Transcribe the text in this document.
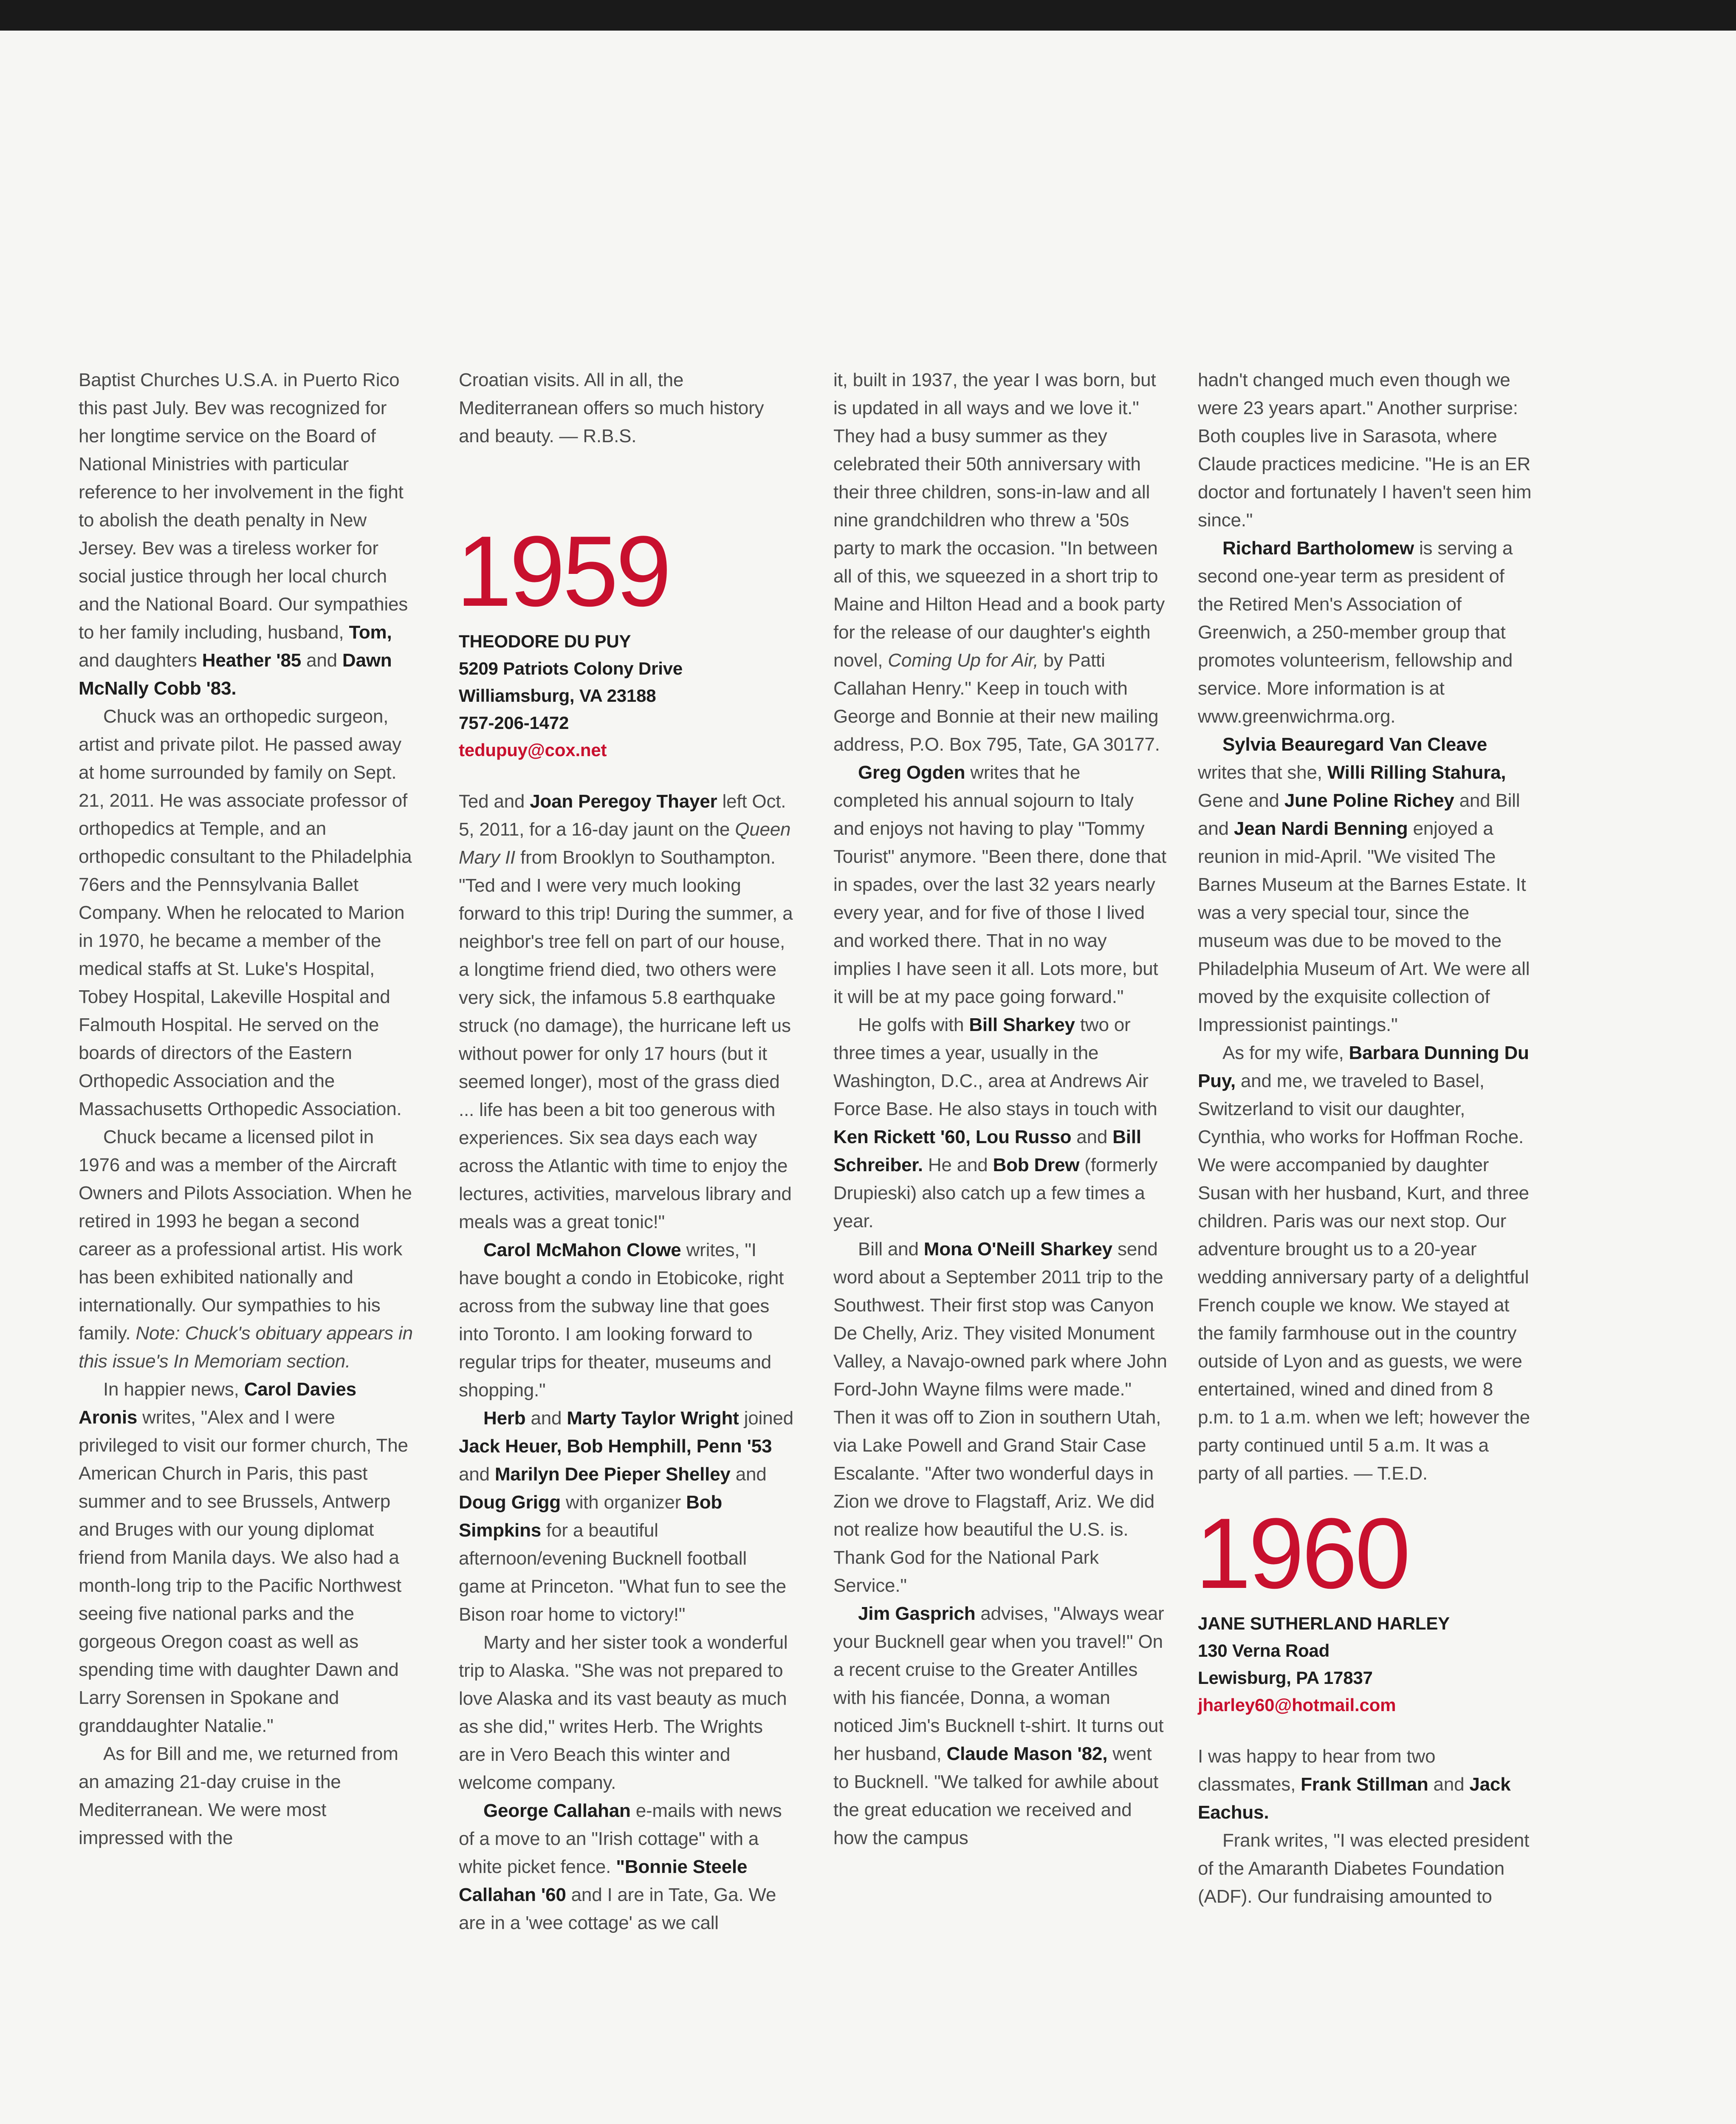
Baptist Churches U.S.A. in Puerto Rico this past July. Bev was recognized for her longtime service on the Board of National Ministries with particular reference to her involvement in the fight to abolish the death penalty in New Jersey. Bev was a tireless worker for social justice through her local church and the National Board. Our sympathies to her family including, husband, Tom, and daughters Heather '85 and Dawn McNally Cobb '83.

Chuck was an orthopedic surgeon, artist and private pilot. He passed away at home surrounded by family on Sept. 21, 2011. He was associate professor of orthopedics at Temple, and an orthopedic consultant to the Philadelphia 76ers and the Pennsylvania Ballet Company. When he relocated to Marion in 1970, he became a member of the medical staffs at St. Luke's Hospital, Tobey Hospital, Lakeville Hospital and Falmouth Hospital. He served on the boards of directors of the Eastern Orthopedic Association and the Massachusetts Orthopedic Association.

Chuck became a licensed pilot in 1976 and was a member of the Aircraft Owners and Pilots Association. When he retired in 1993 he began a second career as a professional artist. His work has been exhibited nationally and internationally. Our sympathies to his family. Note: Chuck's obituary appears in this issue's In Memoriam section.

In happier news, Carol Davies Aronis writes, "Alex and I were privileged to visit our former church, The American Church in Paris, this past summer and to see Brussels, Antwerp and Bruges with our young diplomat friend from Manila days. We also had a month-long trip to the Pacific Northwest seeing five national parks and the gorgeous Oregon coast as well as spending time with daughter Dawn and Larry Sorensen in Spokane and granddaughter Natalie."

As for Bill and me, we returned from an amazing 21-day cruise in the Mediterranean. We were most impressed with the

Croatian visits. All in all, the Mediterranean offers so much history and beauty. — R.B.S.

1959
THEODORE DU PUY
5209 Patriots Colony Drive
Williamsburg, VA 23188
757-206-1472
tedupuy@cox.net

Ted and Joan Peregoy Thayer left Oct. 5, 2011, for a 16-day jaunt on the Queen Mary II from Brooklyn to Southampton. "Ted and I were very much looking forward to this trip! During the summer, a neighbor's tree fell on part of our house, a longtime friend died, two others were very sick, the infamous 5.8 earthquake struck (no damage), the hurricane left us without power for only 17 hours (but it seemed longer), most of the grass died ... life has been a bit too generous with experiences. Six sea days each way across the Atlantic with time to enjoy the lectures, activities, marvelous library and meals was a great tonic!"

Carol McMahon Clowe writes, "I have bought a condo in Etobicoke, right across from the subway line that goes into Toronto. I am looking forward to regular trips for theater, museums and shopping."

Herb and Marty Taylor Wright joined Jack Heuer, Bob Hemphill, Penn '53 and Marilyn Dee Pieper Shelley and Doug Grigg with organizer Bob Simpkins for a beautiful afternoon/evening Bucknell football game at Princeton. "What fun to see the Bison roar home to victory!"

Marty and her sister took a wonderful trip to Alaska. "She was not prepared to love Alaska and its vast beauty as much as she did," writes Herb. The Wrights are in Vero Beach this winter and welcome company.

George Callahan e-mails with news of a move to an "Irish cottage" with a white picket fence. "Bonnie Steele Callahan '60 and I are in Tate, Ga. We are in a 'wee cottage' as we call

it, built in 1937, the year I was born, but is updated in all ways and we love it." They had a busy summer as they celebrated their 50th anniversary with their three children, sons-in-law and all nine grandchildren who threw a '50s party to mark the occasion. "In between all of this, we squeezed in a short trip to Maine and Hilton Head and a book party for the release of our daughter's eighth novel, Coming Up for Air, by Patti Callahan Henry." Keep in touch with George and Bonnie at their new mailing address, P.O. Box 795, Tate, GA 30177.

Greg Ogden writes that he completed his annual sojourn to Italy and enjoys not having to play "Tommy Tourist" anymore. "Been there, done that in spades, over the last 32 years nearly every year, and for five of those I lived and worked there. That in no way implies I have seen it all. Lots more, but it will be at my pace going forward."

He golfs with Bill Sharkey two or three times a year, usually in the Washington, D.C., area at Andrews Air Force Base. He also stays in touch with Ken Rickett '60, Lou Russo and Bill Schreiber. He and Bob Drew (formerly Drupieski) also catch up a few times a year.

Bill and Mona O'Neill Sharkey send word about a September 2011 trip to the Southwest. Their first stop was Canyon De Chelly, Ariz. They visited Monument Valley, a Navajo-owned park where John Ford-John Wayne films were made." Then it was off to Zion in southern Utah, via Lake Powell and Grand Stair Case Escalante. "After two wonderful days in Zion we drove to Flagstaff, Ariz. We did not realize how beautiful the U.S. is. Thank God for the National Park Service."

Jim Gasprich advises, "Always wear your Bucknell gear when you travel!" On a recent cruise to the Greater Antilles with his fiancée, Donna, a woman noticed Jim's Bucknell t-shirt. It turns out her husband, Claude Mason '82, went to Bucknell. "We talked for awhile about the great education we received and how the campus

hadn't changed much even though we were 23 years apart." Another surprise: Both couples live in Sarasota, where Claude practices medicine. "He is an ER doctor and fortunately I haven't seen him since."

Richard Bartholomew is serving a second one-year term as president of the Retired Men's Association of Greenwich, a 250-member group that promotes volunteerism, fellowship and service. More information is at www.greenwichrma.org.

Sylvia Beauregard Van Cleave writes that she, Willi Rilling Stahura, Gene and June Poline Richey and Bill and Jean Nardi Benning enjoyed a reunion in mid-April. "We visited The Barnes Museum at the Barnes Estate. It was a very special tour, since the museum was due to be moved to the Philadelphia Museum of Art. We were all moved by the exquisite collection of Impressionist paintings."

As for my wife, Barbara Dunning Du Puy, and me, we traveled to Basel, Switzerland to visit our daughter, Cynthia, who works for Hoffman Roche. We were accompanied by daughter Susan with her husband, Kurt, and three children. Paris was our next stop. Our adventure brought us to a 20-year wedding anniversary party of a delightful French couple we know. We stayed at the family farmhouse out in the country outside of Lyon and as guests, we were entertained, wined and dined from 8 p.m. to 1 a.m. when we left; however the party continued until 5 a.m. It was a party of all parties. — T.E.D.

1960
JANE SUTHERLAND HARLEY
130 Verna Road
Lewisburg, PA 17837
jharley60@hotmail.com

I was happy to hear from two classmates, Frank Stillman and Jack Eachus.

Frank writes, "I was elected president of the Amaranth Diabetes Foundation (ADF). Our fundraising amounted to
